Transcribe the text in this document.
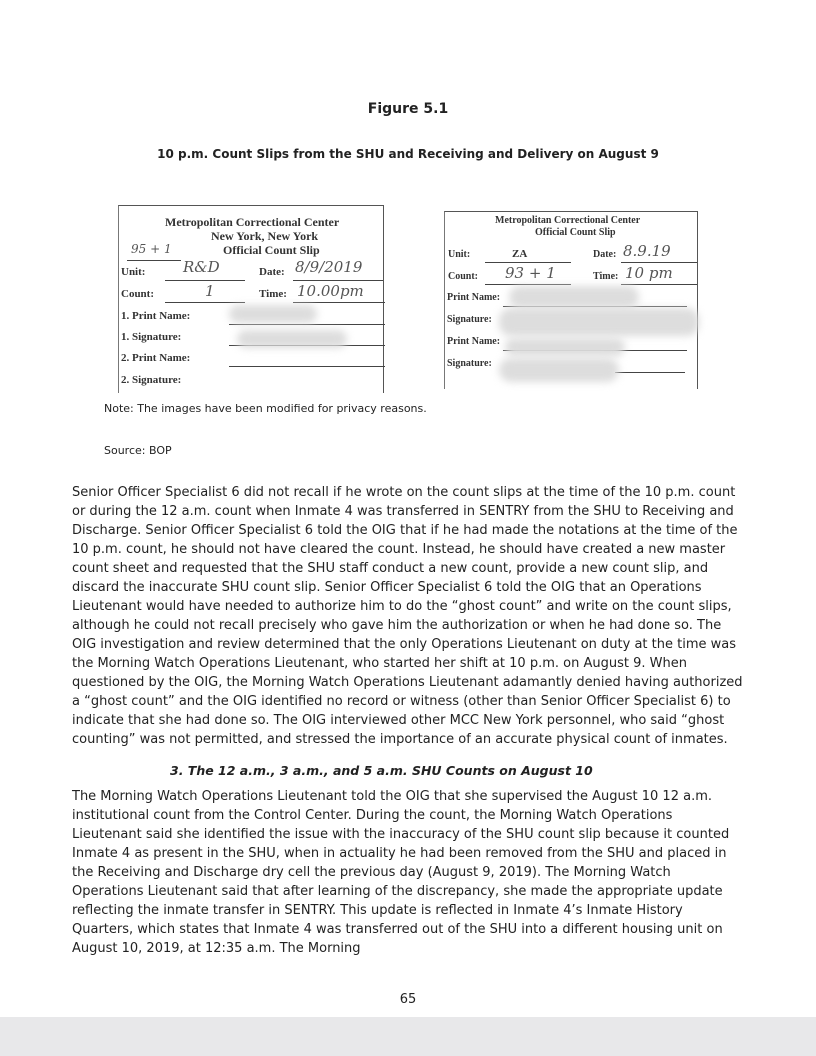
Figure 5.1
10 p.m. Count Slips from the SHU and Receiving and Delivery on August 9
Metropolitan Correctional Center
New York, New York
Official Count Slip
95 + 1
Unit:	R&D	Date: 8/9/2019
Count:	1	Time: 10.00pm
1. Print Name:
1. Signature:
2. Print Name:
2. Signature:
Metropolitan Correctional Center
Official Count Slip
Unit:	ZA	Date: 8.9.19
Count: 93 + 1	Time: 10 pm
Print Name:
Signature:
Print Name:
Signature:
Note: The images have been modified for privacy reasons.
Source: BOP

Senior Officer Specialist 6 did not recall if he wrote on the count slips at the time of the 10 p.m. count or during the 12 a.m. count when Inmate 4 was transferred in SENTRY from the SHU to Receiving and Discharge. Senior Officer Specialist 6 told the OIG that if he had made the notations at the time of the 10 p.m. count, he should not have cleared the count. Instead, he should have created a new master count sheet and requested that the SHU staff conduct a new count, provide a new count slip, and discard the inaccurate SHU count slip. Senior Officer Specialist 6 told the OIG that an Operations Lieutenant would have needed to authorize him to do the “ghost count” and write on the count slips, although he could not recall precisely who gave him the authorization or when he had done so. The OIG investigation and review determined that the only Operations Lieutenant on duty at the time was the Morning Watch Operations Lieutenant, who started her shift at 10 p.m. on August 9. When questioned by the OIG, the Morning Watch Operations Lieutenant adamantly denied having authorized a “ghost count” and the OIG identified no record or witness (other than Senior Officer Specialist 6) to indicate that she had done so. The OIG interviewed other MCC New York personnel, who said “ghost counting” was not permitted, and stressed the importance of an accurate physical count of inmates.

3. The 12 a.m., 3 a.m., and 5 a.m. SHU Counts on August 10

The Morning Watch Operations Lieutenant told the OIG that she supervised the August 10 12 a.m. institutional count from the Control Center. During the count, the Morning Watch Operations Lieutenant said she identified the issue with the inaccuracy of the SHU count slip because it counted Inmate 4 as present in the SHU, when in actuality he had been removed from the SHU and placed in the Receiving and Discharge dry cell the previous day (August 9, 2019). The Morning Watch Operations Lieutenant said that after learning of the discrepancy, she made the appropriate update reflecting the inmate transfer in SENTRY. This update is reflected in Inmate 4’s Inmate History Quarters, which states that Inmate 4 was transferred out of the SHU into a different housing unit on August 10, 2019, at 12:35 a.m. The Morning

65
